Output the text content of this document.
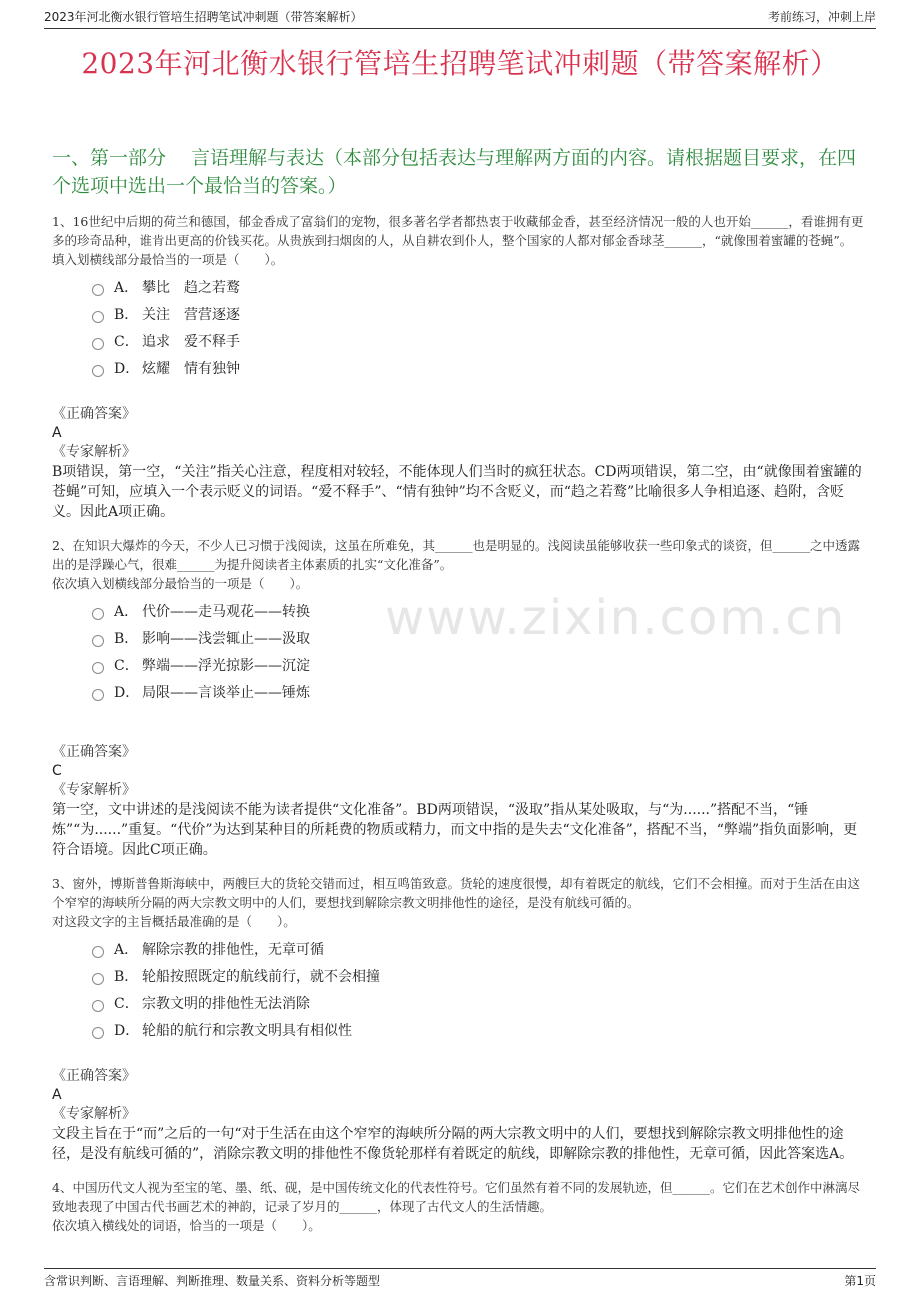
2023年河北衡水银行管培生招聘笔试冲刺题（带答案解析）	考前练习，冲刺上岸
2023年河北衡水银行管培生招聘笔试冲刺题（带答案解析）
www.zixin.com.cn
一、第一部分　 言语理解与表达（本部分包括表达与理解两方面的内容。请根据题目要求，在四个选项中选出一个最恰当的答案。）

1、16世纪中后期的荷兰和德国，郁金香成了富翁们的宠物，很多著名学者都热衷于收藏郁金香，甚至经济情况一般的人也开始______，看谁拥有更多的珍奇品种，谁肯出更高的价钱买花。从贵族到扫烟囱的人，从自耕农到仆人，整个国家的人都对郁金香球茎______，“就像围着蜜罐的苍蝇”。

填入划横线部分最恰当的一项是（　　）。

A． 攀比　趋之若鹜
B． 关注　营营逐逐
C． 追求　爱不释手
D． 炫耀　情有独钟

《正确答案》

A

《专家解析》

B项错误，第一空，“关注”指关心注意，程度相对较轻，不能体现人们当时的疯狂状态。CD两项错误，第二空，由“就像围着蜜罐的苍蝇”可知，应填入一个表示贬义的词语。“爱不释手”、“情有独钟”均不含贬义，而“趋之若鹜”比喻很多人争相追逐、趋附，含贬义。因此A项正确。

2、在知识大爆炸的今天，不少人已习惯于浅阅读，这虽在所难免，其______也是明显的。浅阅读虽能够收获一些印象式的谈资，但______之中透露出的是浮躁心气，很难______为提升阅读者主体素质的扎实“文化准备”。

依次填入划横线部分最恰当的一项是（　　）。

A． 代价——走马观花——转换
B． 影响——浅尝辄止——汲取
C． 弊端——浮光掠影——沉淀
D． 局限——言谈举止——锤炼

《正确答案》

C

《专家解析》

第一空，文中讲述的是浅阅读不能为读者提供“文化准备”。BD两项错误，“汲取”指从某处吸取，与“为......”搭配不当，“锤炼”“为......”重复。“代价”为达到某种目的所耗费的物质或精力，而文中指的是失去“文化准备”，搭配不当，“弊端”指负面影响，更符合语境。因此C项正确。

3、窗外，博斯普鲁斯海峡中，两艘巨大的货轮交错而过，相互鸣笛致意。货轮的速度很慢，却有着既定的航线，它们不会相撞。而对于生活在由这个窄窄的海峡所分隔的两大宗教文明中的人们，要想找到解除宗教文明排他性的途径，是没有航线可循的。

对这段文字的主旨概括最准确的是（　　）。

A． 解除宗教的排他性，无章可循
B． 轮船按照既定的航线前行，就不会相撞
C． 宗教文明的排他性无法消除
D． 轮船的航行和宗教文明具有相似性

《正确答案》

A

《专家解析》

文段主旨在于“而”之后的一句“对于生活在由这个窄窄的海峡所分隔的两大宗教文明中的人们，要想找到解除宗教文明排他性的途径，是没有航线可循的”，消除宗教文明的排他性不像货轮那样有着既定的航线，即解除宗教的排他性，无章可循，因此答案选A。

4、中国历代文人视为至宝的笔、墨、纸、砚，是中国传统文化的代表性符号。它们虽然有着不同的发展轨迹，但______。它们在艺术创作中淋漓尽致地表现了中国古代书画艺术的神韵，记录了岁月的______，体现了古代文人的生活情趣。

依次填入横线处的词语，恰当的一项是（　　）。

含常识判断、言语理解、判断推理、数量关系、资料分析等题型	第1页
